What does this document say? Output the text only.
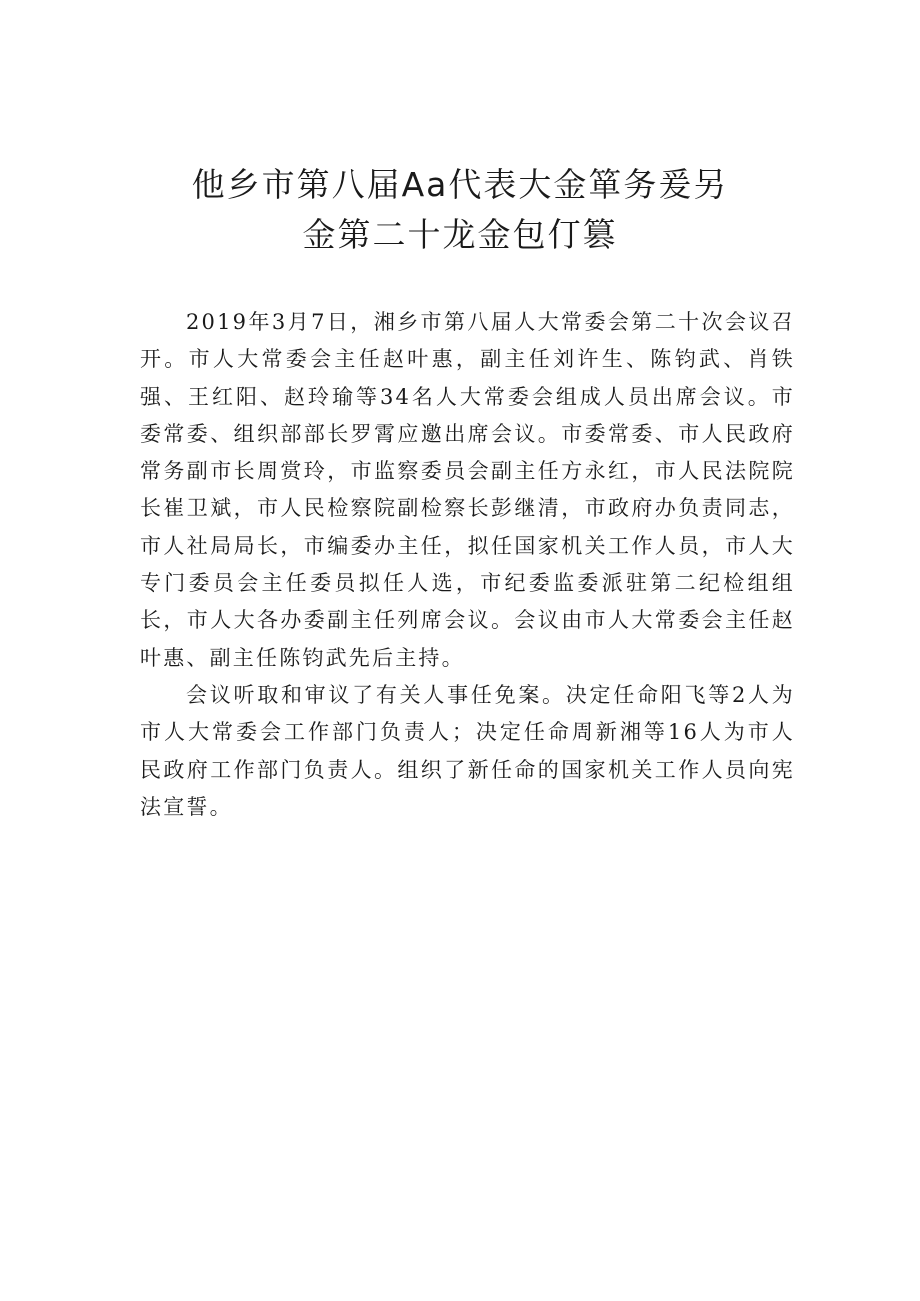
他乡市第八届Aa代表大金箪务爰另
金第二十龙金包仃篡

2019年3月7日，湘乡市第八届人大常委会第二十次会议召开。市人大常委会主任赵叶惠，副主任刘许生、陈钧武、肖铁强、王红阳、赵玲瑜等34名人大常委会组成人员出席会议。市委常委、组织部部长罗霄应邀出席会议。市委常委、市人民政府常务副市长周赏玲，市监察委员会副主任方永红，市人民法院院长崔卫斌，市人民检察院副检察长彭继清，市政府办负责同志，市人社局局长，市编委办主任，拟任国家机关工作人员，市人大专门委员会主任委员拟任人选，市纪委监委派驻第二纪检组组长，市人大各办委副主任列席会议。会议由市人大常委会主任赵叶惠、副主任陈钧武先后主持。

会议听取和审议了有关人事任免案。决定任命阳飞等2人为市人大常委会工作部门负责人；决定任命周新湘等16人为市人民政府工作部门负责人。组织了新任命的国家机关工作人员向宪法宣誓。
